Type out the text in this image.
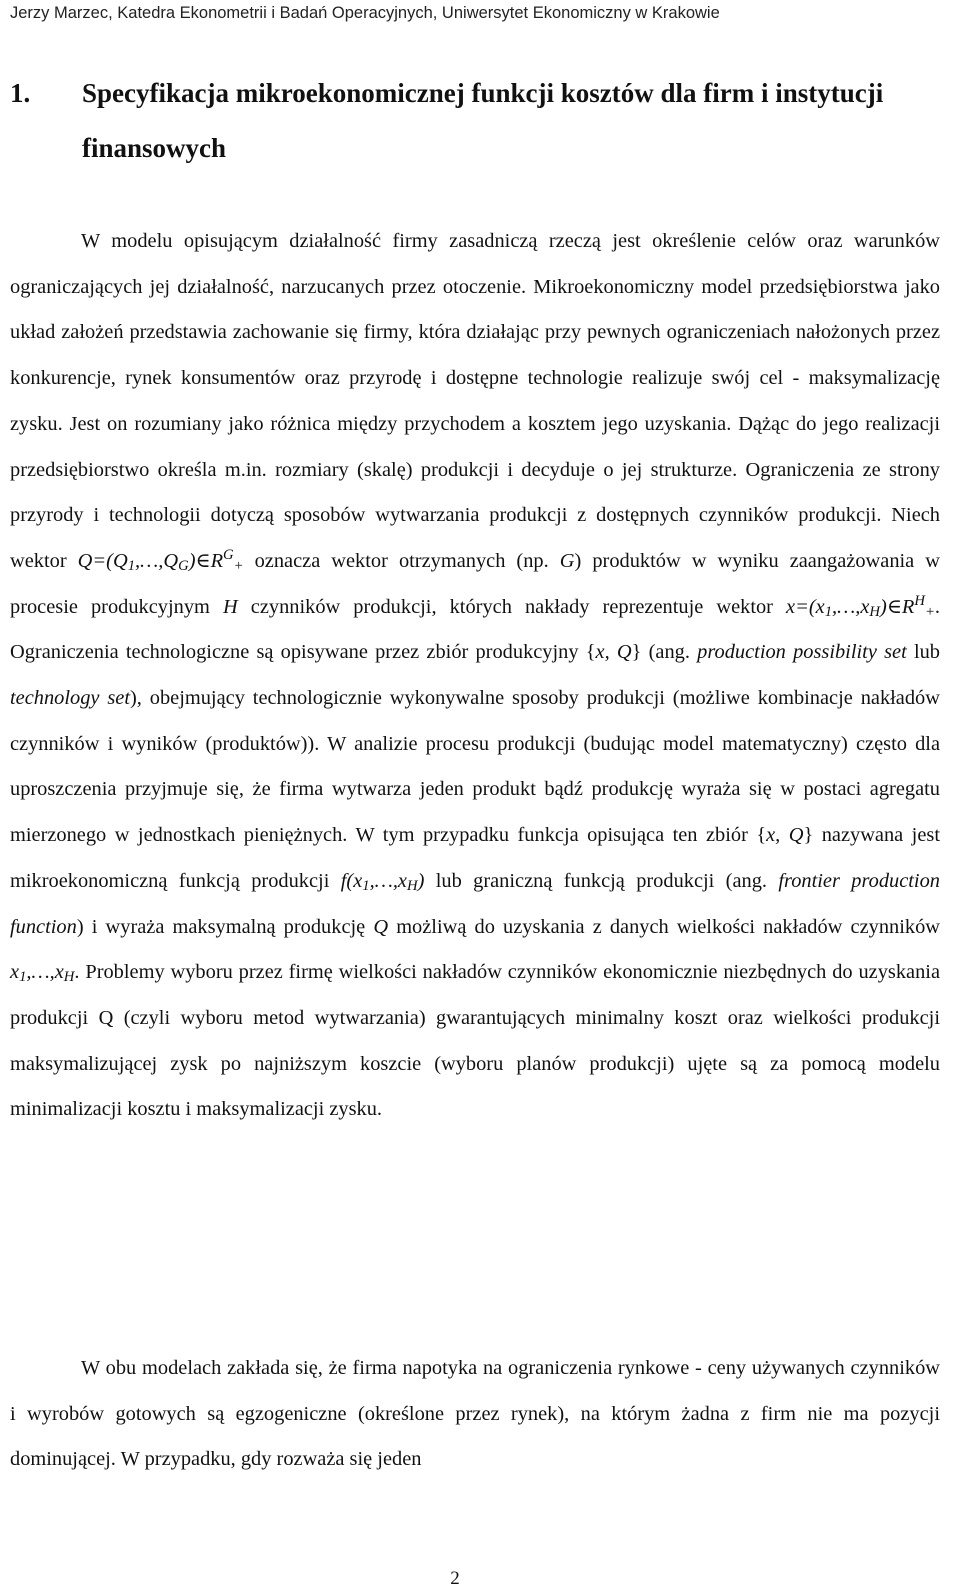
Jerzy Marzec, Katedra Ekonometrii i Badań Operacyjnych, Uniwersytet Ekonomiczny w Krakowie
1. Specyfikacja mikroekonomicznej funkcji kosztów dla firm i instytucji finansowych

W modelu opisującym działalność firmy zasadniczą rzeczą jest określenie celów oraz warunków ograniczających jej działalność, narzucanych przez otoczenie. Mikroekonomiczny model przedsiębiorstwa jako układ założeń przedstawia zachowanie się firmy, która działając przy pewnych ograniczeniach nałożonych przez konkurencje, rynek konsumentów oraz przyrodę i dostępne technologie realizuje swój cel - maksymalizację zysku. Jest on rozumiany jako różnica między przychodem a kosztem jego uzyskania. Dążąc do jego realizacji przedsiębiorstwo określa m.in. rozmiary (skalę) produkcji i decyduje o jej strukturze. Ograniczenia ze strony przyrody i technologii dotyczą sposobów wytwarzania produkcji z dostępnych czynników produkcji. Niech wektor $Q=(Q_1,\dots,Q_G)\in R^G_+$ oznacza wektor otrzymanych (np. G) produktów w wyniku zaangażowania w procesie produkcyjnym H czynników produkcji, których nakłady reprezentuje wektor $x=(x_1,\dots,x_H)\in R^H_+$. Ograniczenia technologiczne są opisywane przez zbiór produkcyjny {x, Q} (ang. production possibility set lub technology set), obejmujący technologicznie wykonywalne sposoby produkcji (możliwe kombinacje nakładów czynników i wyników (produktów)). W analizie procesu produkcji (budując model matematyczny) często dla uproszczenia przyjmuje się, że firma wytwarza jeden produkt bądź produkcję wyraża się w postaci agregatu mierzonego w jednostkach pieniężnych. W tym przypadku funkcja opisująca ten zbiór {x, Q} nazywana jest mikroekonomiczną funkcją produkcji $f(x_1,\dots,x_H)$ lub graniczną funkcją produkcji (ang. frontier production function) i wyraża maksymalną produkcję Q możliwą do uzyskania z danych wielkości nakładów czynników $x_1,\dots,x_H$. Problemy wyboru przez firmę wielkości nakładów czynników ekonomicznie niezbędnych do uzyskania produkcji Q (czyli wyboru metod wytwarzania) gwarantujących minimalny koszt oraz wielkości produkcji maksymalizującej zysk po najniższym koszcie (wyboru planów produkcji) ujęte są za pomocą modelu minimalizacji kosztu i maksymalizacji zysku.

W obu modelach zakłada się, że firma napotyka na ograniczenia rynkowe - ceny używanych czynników i wyrobów gotowych są egzogeniczne (określone przez rynek), na którym żadna z firm nie ma pozycji dominującej. W przypadku, gdy rozważa się jeden

2
